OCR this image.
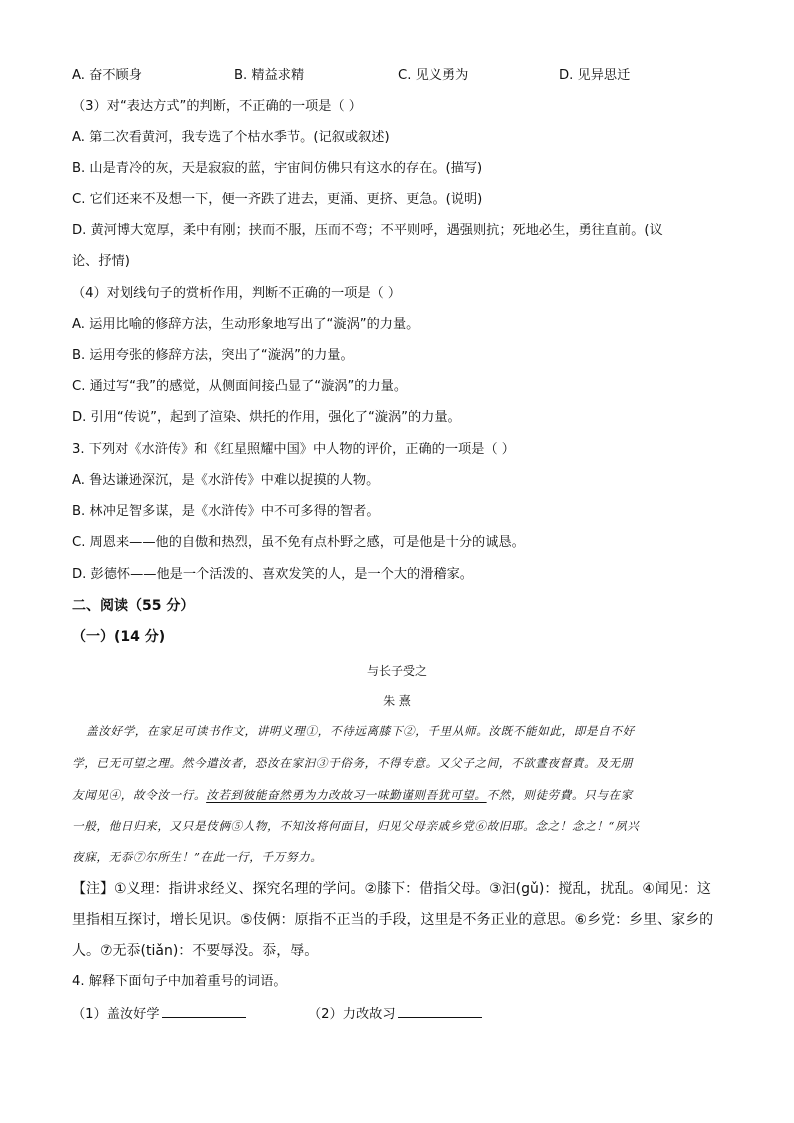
A. 奋不顾身	B. 精益求精	C. 见义勇为	D. 见异思迁
（3）对“表达方式”的判断，不正确的一项是（ ）
A. 第二次看黄河，我专选了个枯水季节。(记叙或叙述)
B. 山是青冷的灰，天是寂寂的蓝，宇宙间仿佛只有这水的存在。(描写)
C. 它们还来不及想一下，便一齐跌了进去，更涌、更挤、更急。(说明)
D. 黄河博大宽厚，柔中有刚；挟而不服，压而不弯；不平则呼，遇强则抗；死地必生，勇往直前。(议
论、抒情)
（4）对划线句子的赏析作用，判断不正确的一项是（ ）
A. 运用比喻的修辞方法，生动形象地写出了“漩涡”的力量。
B. 运用夸张的修辞方法，突出了“漩涡”的力量。
C. 通过写“我”的感觉，从侧面间接凸显了“漩涡”的力量。
D. 引用“传说”，起到了渲染、烘托的作用，强化了“漩涡”的力量。
3. 下列对《水浒传》和《红星照耀中国》中人物的评价，正确的一项是（ ）
A. 鲁达谦逊深沉，是《水浒传》中难以捉摸的人物。
B. 林冲足智多谋，是《水浒传》中不可多得的智者。
C. 周恩来——他的自傲和热烈，虽不免有点朴野之感，可是他是十分的诚恳。
D. 彭德怀——他是一个活泼的、喜欢发笑的人，是一个大的滑稽家。
二、阅读（55 分）
（一）(14 分)
与长子受之
朱 熹
盖汝好学，在家足可读书作文，讲明义理①，不待远离膝下②，千里从师。汝既不能如此，即是自不好
学，已无可望之理。然今遣汝者，恐汝在家汩③于俗务，不得专意。又父子之间，不欲晝夜督責。及无朋
友闻见④，故令汝一行。汝若到彼能奋然勇为力改故习一味勤谨则吾犹可望。不然，则徒劳費。只与在家
一般，他日归来，又只是伎俩⑤人物，不知汝将何面目，归见父母亲戚乡党⑥故旧耶。念之！念之！“夙兴
夜寐，无忝⑦尔所生！”在此一行，千万努力。
【注】①义理：指讲求经义、探究名理的学问。②膝下：借指父母。③汩(gǔ)：搅乱，扰乱。④闻见：这
里指相互探讨，增长见识。⑤伎俩：原指不正当的手段，这里是不务正业的意思。⑥乡党：乡里、家乡的
人。⑦无忝(tiǎn)：不要辱没。忝，辱。
4. 解释下面句子中加着重号的词语。
（1）盖汝好学	（2）力改故习
